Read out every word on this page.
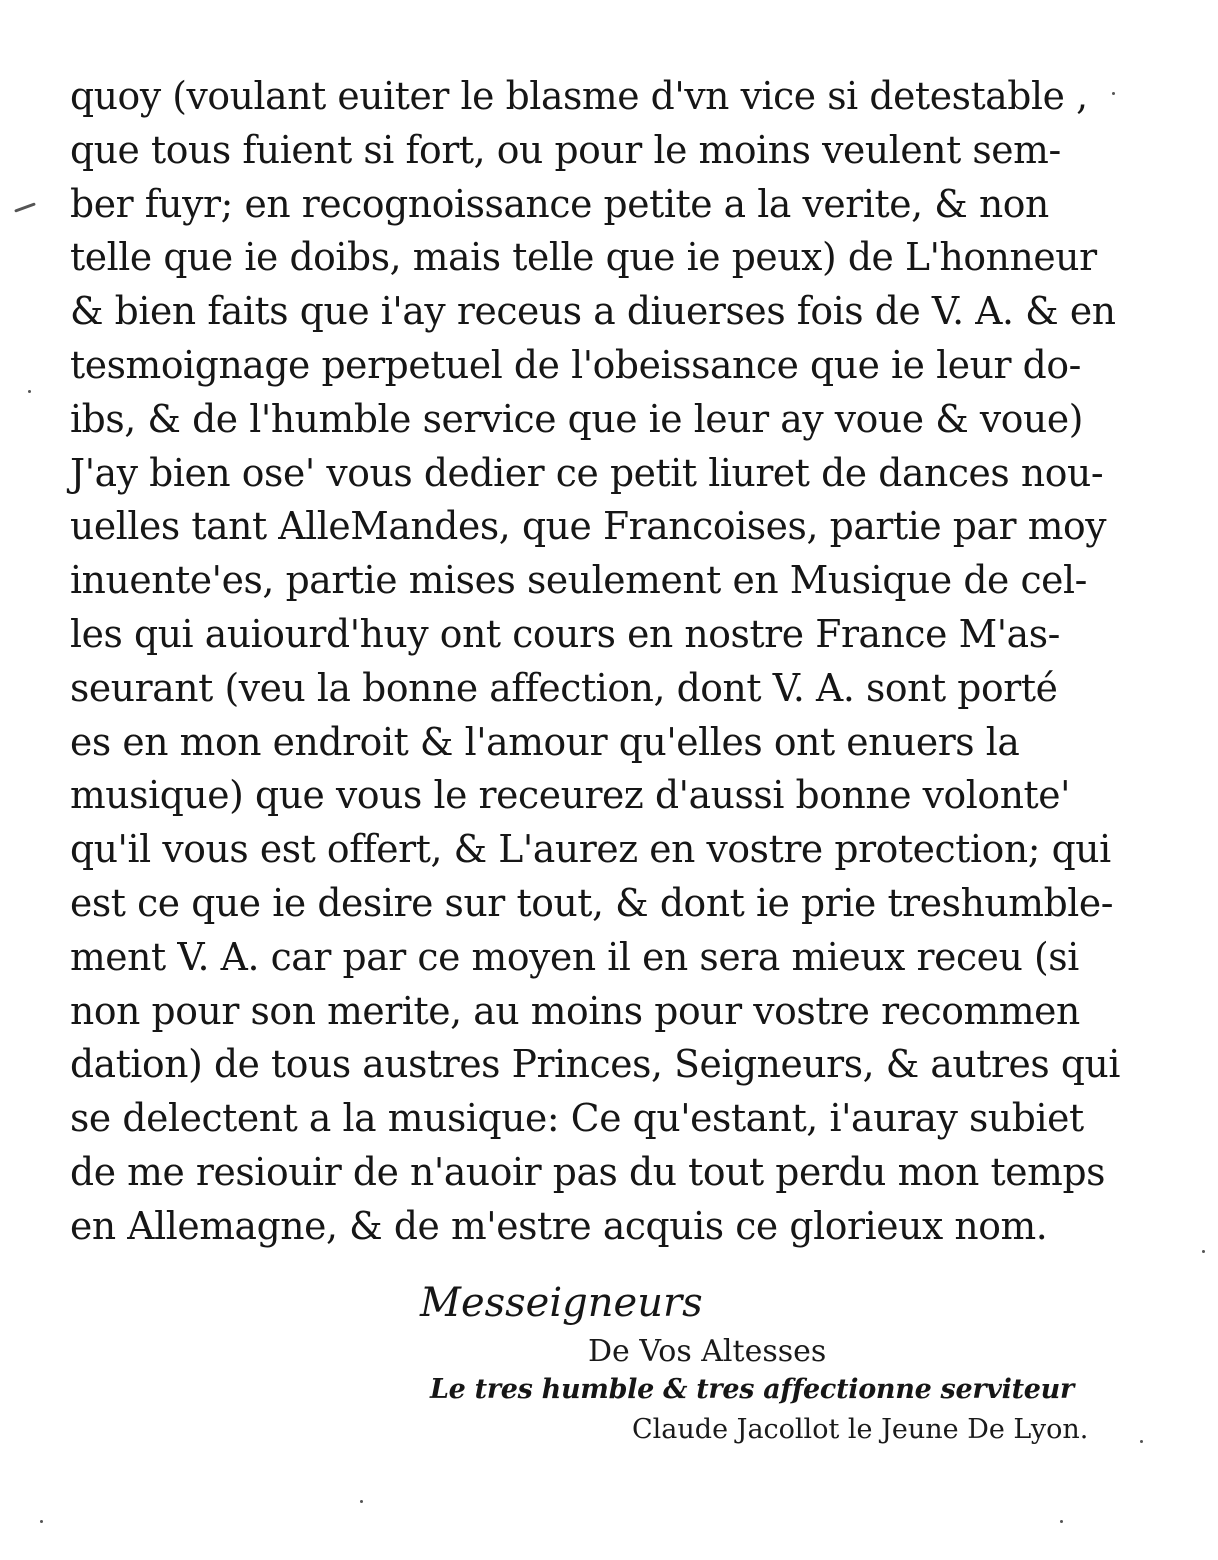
quoy (voulant euiter le blasme d'vn vice si detestable ,
que tous fuient si fort, ou pour le moins veulent sem-
ber fuyr; en recognoissance petite a la verite, & non
telle que ie doibs, mais telle que ie peux) de L'honneur
& bien faits que i'ay receus a diuerses fois de V. A. & en
tesmoignage perpetuel de l'obeissance que ie leur do-
ibs, & de l'humble service que ie leur ay voue & voue)
J'ay bien ose' vous dedier ce petit liuret de dances nou-
uelles tant AlleMandes, que Francoises, partie par moy
inuente'es, partie mises seulement en Musique de cel-
les qui auiourd'huy ont cours en nostre France M'as-
seurant (veu la bonne affection, dont V. A. sont porté
es en mon endroit & l'amour qu'elles ont enuers la
musique) que vous le receurez d'aussi bonne volonte'
qu'il vous est offert, & L'aurez en vostre protection; qui
est ce que ie desire sur tout, & dont ie prie treshumble-
ment V. A. car par ce moyen il en sera mieux receu (si
non pour son merite, au moins pour vostre recommen
dation) de tous austres Princes, Seigneurs, & autres qui
se delectent a la musique: Ce qu'estant, i'auray subiet
de me resiouir de n'auoir pas du tout perdu mon temps
en Allemagne, & de m'estre acquis ce glorieux nom.
Messeigneurs
De Vos Altesses
Le tres humble & tres affectionne serviteur
Claude Jacollot le Jeune De Lyon.
